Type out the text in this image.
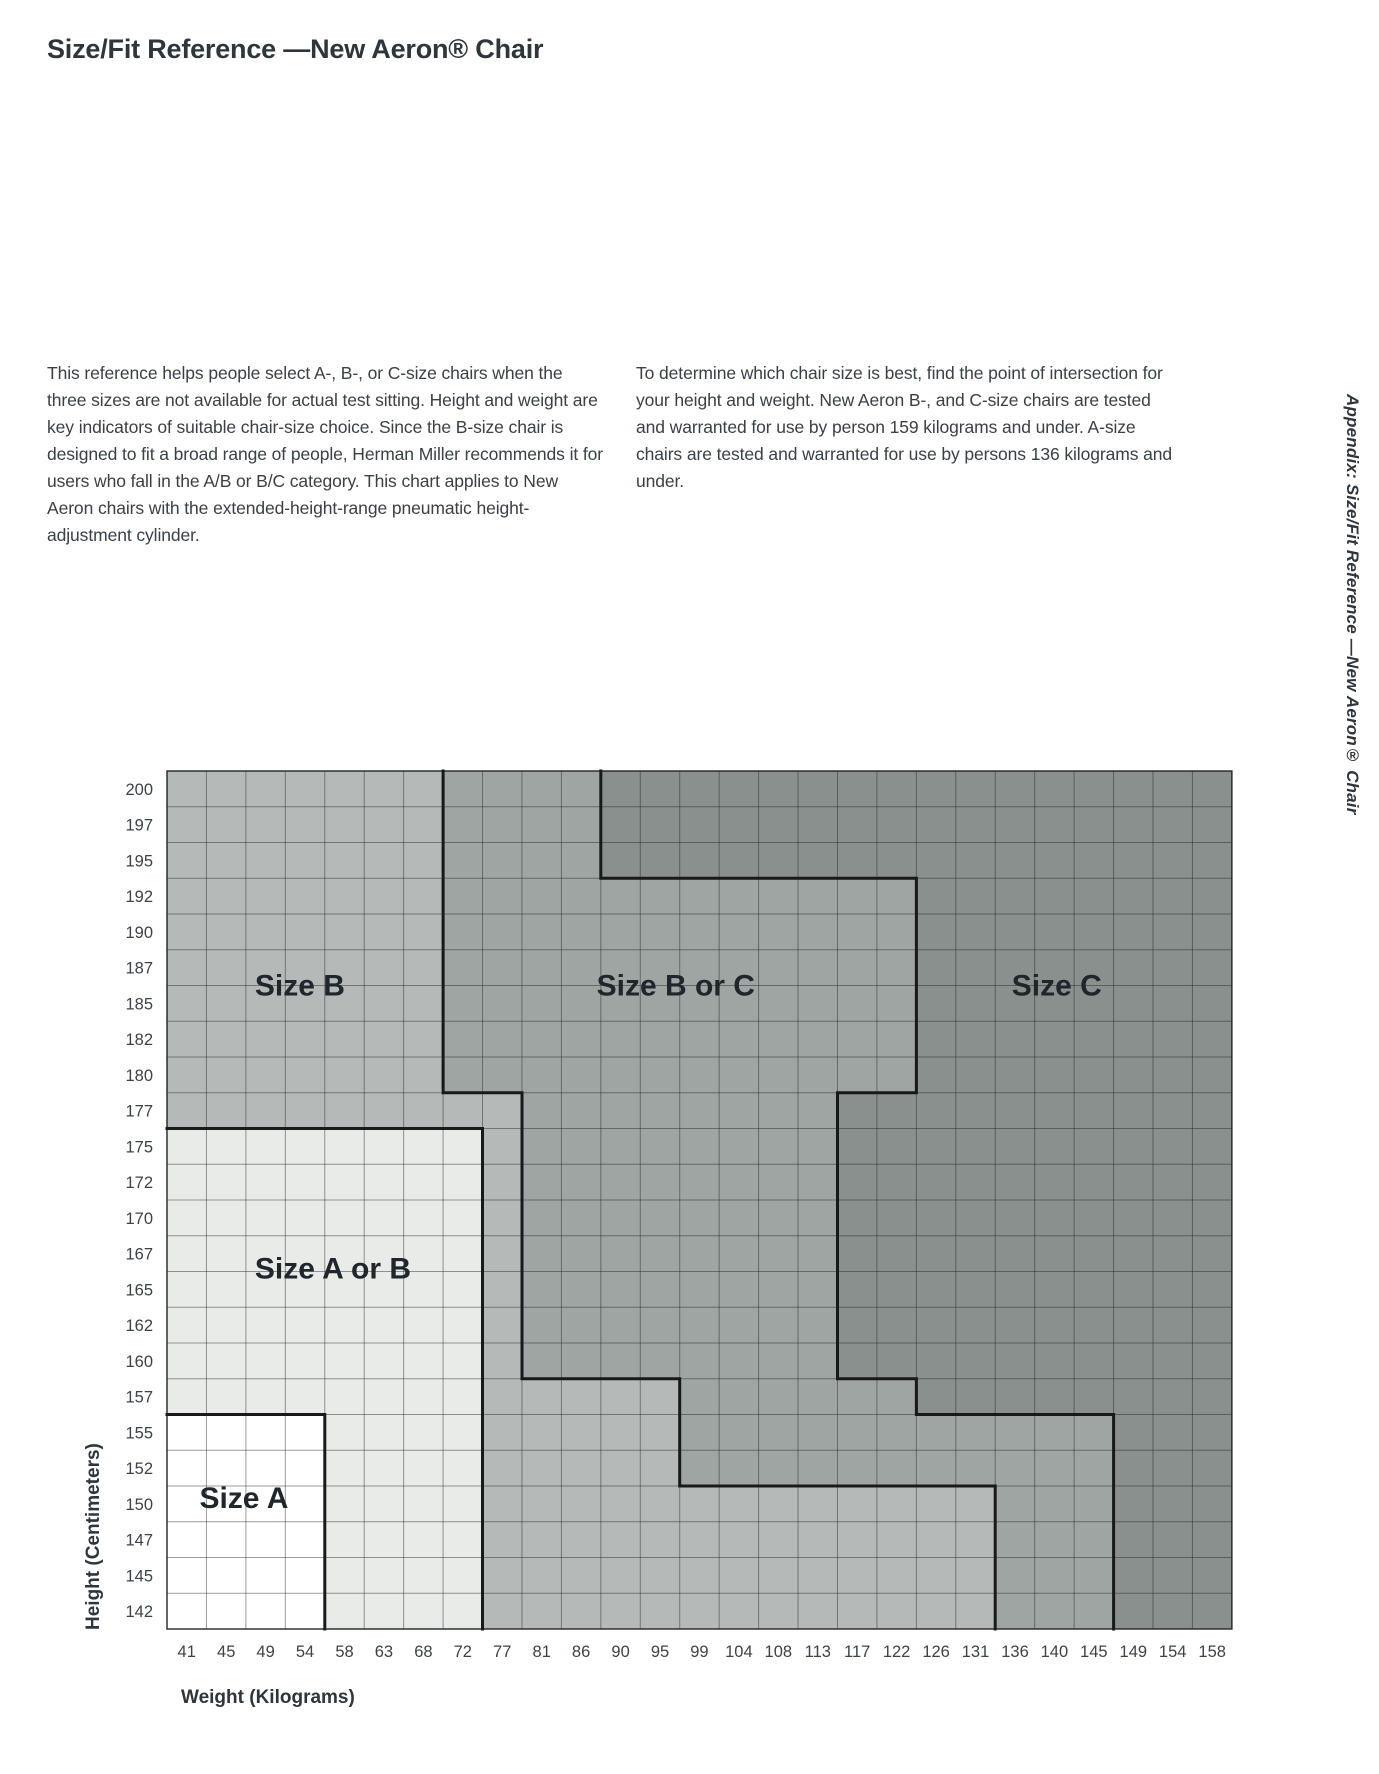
Size/Fit Reference —New Aeron® Chair

This reference helps people select A-, B-, or C-size chairs when the three sizes are not available for actual test sitting. Height and weight are key indicators of suitable chair-size choice. Since the B-size chair is designed to fit a broad range of people, Herman Miller recommends it for users who fall in the A/B or B/C category. This chart applies to New Aeron chairs with the extended-height-range pneumatic height-adjustment cylinder.

To determine which chair size is best, find the point of intersection for your height and weight. New Aeron B-, and C-size chairs are tested and warranted for use by person 159 kilograms and under. A-size chairs are tested and warranted for use by persons 136 kilograms and under.	Appendix: Size/Fit Reference —New Aeron® Chair
Size C
Size B or C
Size B
Size A or B
Size A
200
197
195
192
190
187
185
182
180
177
175
172
170
167
165
162
160
157
155
152
150
147
145
142
41 45 49 54 58 63 68 72 77 81 86 90 95 99 104 108 113 117 122 126 131 136 140 145 149 154 158
Height (Centimeters)
Weight (Kilograms)
